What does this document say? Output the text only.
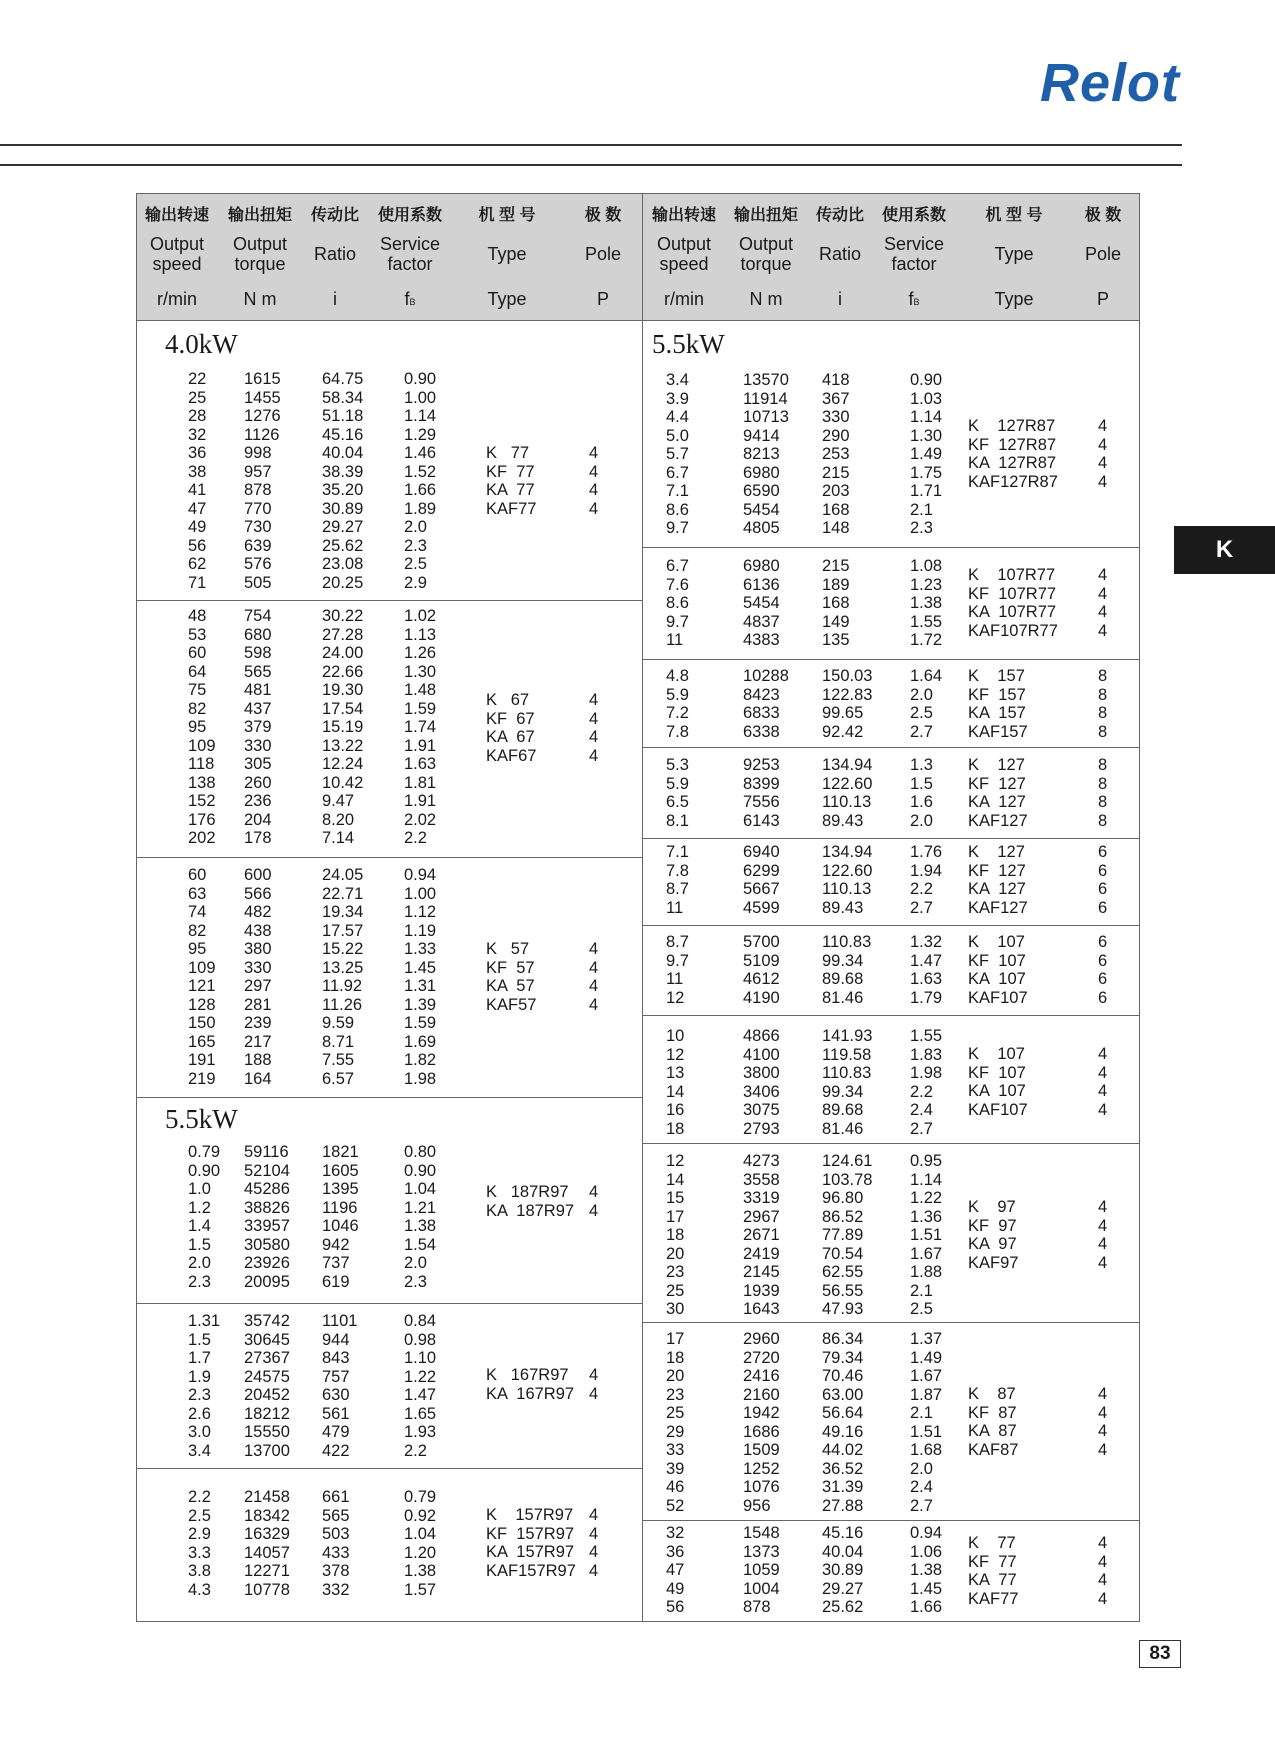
Relot
K
输出转速
Output
speed
r/min
输出扭矩
Output
torque
N m
传动比
Ratio
i
使用系数
Service
factor
fB
机 型 号
Type
Type
极 数
Pole
P
输出转速
Output
speed
r/min
输出扭矩
Output
torque
N m
传动比
Ratio
i
使用系数
Service
factor
fB
机 型 号
Type
Type
极 数
Pole
P
4.0kW
22
25
28
32
36
38
41
47
49
56
62
71
1615
1455
1276
1126
998
957
878
770
730
639
576
505
64.75
58.34
51.18
45.16
40.04
38.39
35.20
30.89
29.27
25.62
23.08
20.25
0.90
1.00
1.14
1.29
1.46
1.52
1.66
1.89
2.0
2.3
2.5
2.9
K   77
KF  77
KA  77
KAF77
4
4
4
4
48
53
60
64
75
82
95
109
118
138
152
176
202
754
680
598
565
481
437
379
330
305
260
236
204
178
30.22
27.28
24.00
22.66
19.30
17.54
15.19
13.22
12.24
10.42
9.47
8.20
7.14
1.02
1.13
1.26
1.30
1.48
1.59
1.74
1.91
1.63
1.81
1.91
2.02
2.2
K   67
KF  67
KA  67
KAF67
4
4
4
4
60
63
74
82
95
109
121
128
150
165
191
219
600
566
482
438
380
330
297
281
239
217
188
164
24.05
22.71
19.34
17.57
15.22
13.25
11.92
11.26
9.59
8.71
7.55
6.57
0.94
1.00
1.12
1.19
1.33
1.45
1.31
1.39
1.59
1.69
1.82
1.98
K   57
KF  57
KA  57
KAF57
4
4
4
4
5.5kW
0.79
0.90
1.0
1.2
1.4
1.5
2.0
2.3
59116
52104
45286
38826
33957
30580
23926
20095
1821
1605
1395
1196
1046
942
737
619
0.80
0.90
1.04
1.21
1.38
1.54
2.0
2.3
K   187R97
KA  187R97
4
4
1.31
1.5
1.7
1.9
2.3
2.6
3.0
3.4
35742
30645
27367
24575
20452
18212
15550
13700
1101
944
843
757
630
561
479
422
0.84
0.98
1.10
1.22
1.47
1.65
1.93
2.2
K   167R97
KA  167R97
4
4
2.2
2.5
2.9
3.3
3.8
4.3
21458
18342
16329
14057
12271
10778
661
565
503
433
378
332
0.79
0.92
1.04
1.20
1.38
1.57
K    157R97
KF  157R97
KA  157R97
KAF157R97
4
4
4
4
5.5kW
3.4
3.9
4.4
5.0
5.7
6.7
7.1
8.6
9.7
13570
11914
10713
9414
8213
6980
6590
5454
4805
418
367
330
290
253
215
203
168
148
0.90
1.03
1.14
1.30
1.49
1.75
1.71
2.1
2.3
K    127R87
KF  127R87
KA  127R87
KAF127R87
4
4
4
4
6.7
7.6
8.6
9.7
11
6980
6136
5454
4837
4383
215
189
168
149
135
1.08
1.23
1.38
1.55
1.72
K    107R77
KF  107R77
KA  107R77
KAF107R77
4
4
4
4
4.8
5.9
7.2
7.8
10288
8423
6833
6338
150.03
122.83
99.65
92.42
1.64
2.0
2.5
2.7
K    157
KF  157
KA  157
KAF157
8
8
8
8
5.3
5.9
6.5
8.1
9253
8399
7556
6143
134.94
122.60
110.13
89.43
1.3
1.5
1.6
2.0
K    127
KF  127
KA  127
KAF127
8
8
8
8
7.1
7.8
8.7
11
6940
6299
5667
4599
134.94
122.60
110.13
89.43
1.76
1.94
2.2
2.7
K    127
KF  127
KA  127
KAF127
6
6
6
6
8.7
9.7
11
12
5700
5109
4612
4190
110.83
99.34
89.68
81.46
1.32
1.47
1.63
1.79
K    107
KF  107
KA  107
KAF107
6
6
6
6
10
12
13
14
16
18
4866
4100
3800
3406
3075
2793
141.93
119.58
110.83
99.34
89.68
81.46
1.55
1.83
1.98
2.2
2.4
2.7
K    107
KF  107
KA  107
KAF107
4
4
4
4
12
14
15
17
18
20
23
25
30
4273
3558
3319
2967
2671
2419
2145
1939
1643
124.61
103.78
96.80
86.52
77.89
70.54
62.55
56.55
47.93
0.95
1.14
1.22
1.36
1.51
1.67
1.88
2.1
2.5
K    97
KF  97
KA  97
KAF97
4
4
4
4
17
18
20
23
25
29
33
39
46
52
2960
2720
2416
2160
1942
1686
1509
1252
1076
956
86.34
79.34
70.46
63.00
56.64
49.16
44.02
36.52
31.39
27.88
1.37
1.49
1.67
1.87
2.1
1.51
1.68
2.0
2.4
2.7
K    87
KF  87
KA  87
KAF87
4
4
4
4
32
36
47
49
56
1548
1373
1059
1004
878
45.16
40.04
30.89
29.27
25.62
0.94
1.06
1.38
1.45
1.66
K    77
KF  77
KA  77
KAF77
4
4
4
4
83
